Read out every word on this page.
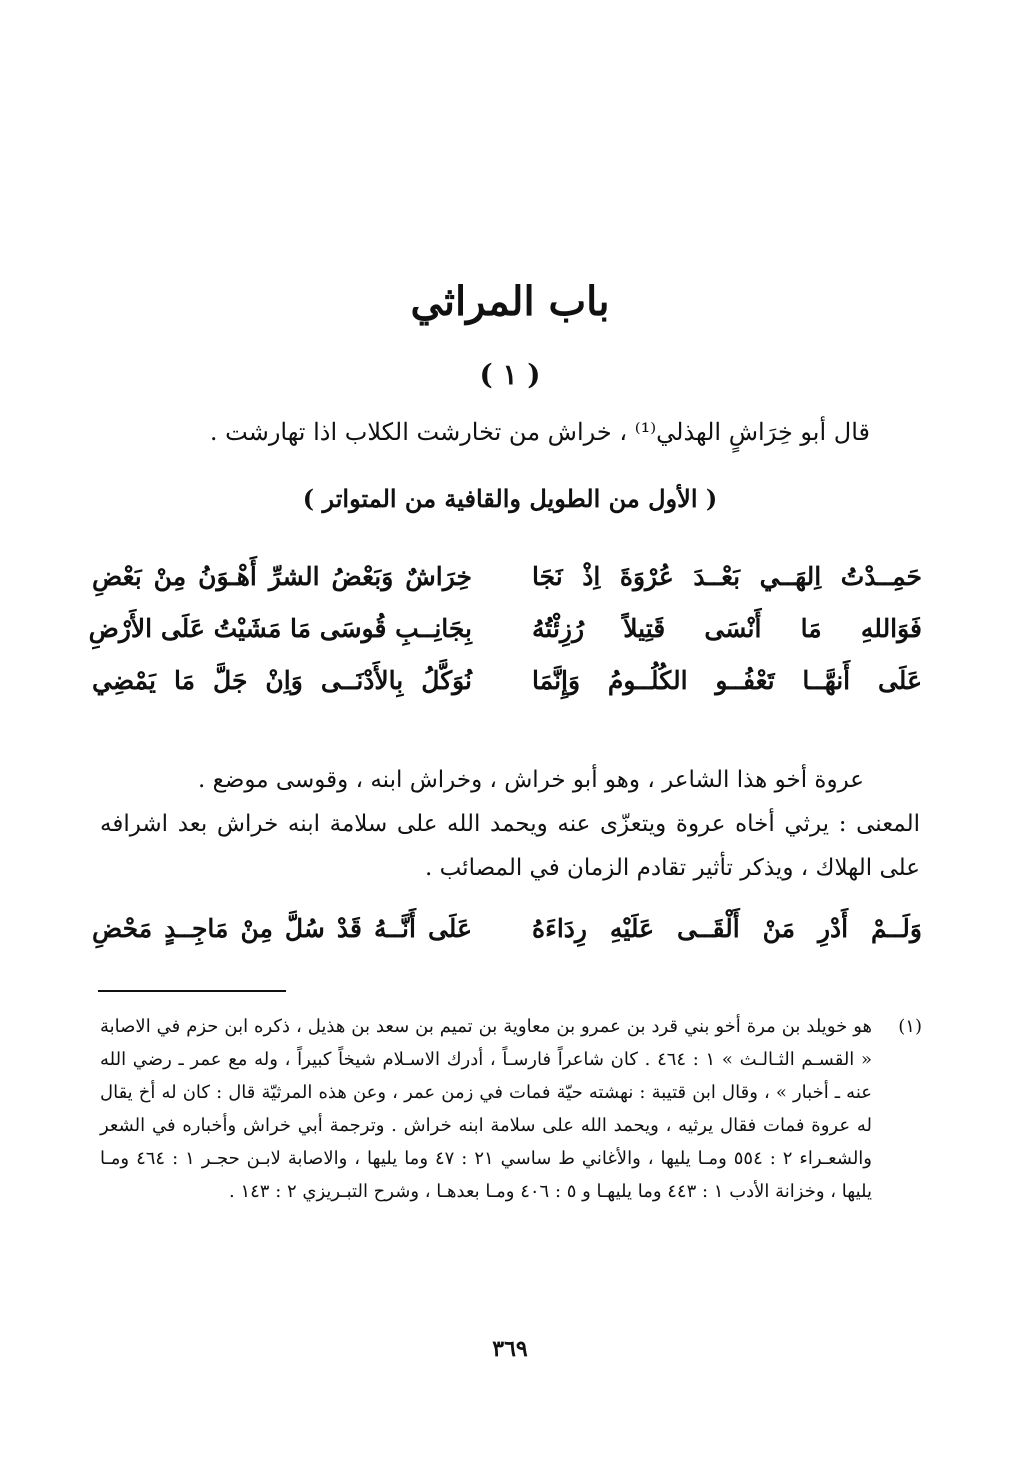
باب المراثي
( ١ )
قال أبو خِرَاشٍ الهذلي⁽¹⁾ ، خراش من تخارشت الكلاب اذا تهارشت .
( الأول من الطويل والقافية من المتواتر )
حَمِــدْتُ اِلهَــي بَعْــدَ عُرْوَةَ اِذْ نَجَا
خِرَاشٌ وَبَعْضُ الشرِّ أَهْـوَنُ مِنْ بَعْضِ
فَوَاللهِ مَا أَنْسَى قَتِيلاً رُزِئْتُهُ
بِجَانِــبِ قُوسَى مَا مَشَيْتُ عَلَى الأَرْضِ
عَلَى أَنهَّــا تَعْفُــو الكُلُــومُ وَإِنَّمَا
نُوَكَّلُ بِالأَدْنَــى وَاِنْ جَلَّ مَا يَمْضِي
عروة أخو هذا الشاعر ، وهو أبو خراش ، وخراش ابنه ، وقوسى موضع .
المعنى : يرثي أخاه عروة ويتعزّى عنه ويحمد الله على سلامة ابنه خراش بعد اشرافه على الهلاك ، ويذكر تأثير تقادم الزمان في المصائب .
وَلَــمْ أَدْرِ مَنْ أَلْقَــى عَلَيْهِ رِدَاءَهُ
عَلَى أَنَّــهُ قَدْ سُلَّ مِنْ مَاجِــدٍ مَحْضِ
(١)
هو خويلد بن مرة أخو بني قرد بن عمرو بن معاوية بن تميم بن سعد بن هذيل ، ذكره ابن حزم في الاصابة « القسـم الثـالـث » ١ : ٤٦٤ . كان شاعراً فارسـاً ، أدرك الاسـلام شيخاً كبيراً ، وله مع عمر ـ رضي الله عنه ـ أخبار » ، وقال ابن قتيبة : نهشته حيّة فمات في زمن عمر ، وعن هذه المرثيّة قال : كان له أخ يقال له عروة فمات فقال يرثيه ، ويحمد الله على سلامة ابنه خراش . وترجمة أبي خراش وأخباره في الشعر والشعـراء ٢ : ٥٥٤ ومـا يليها ، والأغاني ط ساسي ٢١ : ٤٧ وما يليها ، والاصابة لابـن حجـر ١ : ٤٦٤ ومـا يليها ، وخزانة الأدب ١ : ٤٤٣ وما يليهـا و ٥ : ٤٠٦ ومـا بعدهـا ، وشرح التبـريزي ٢ : ١٤٣ .
٣٦٩
